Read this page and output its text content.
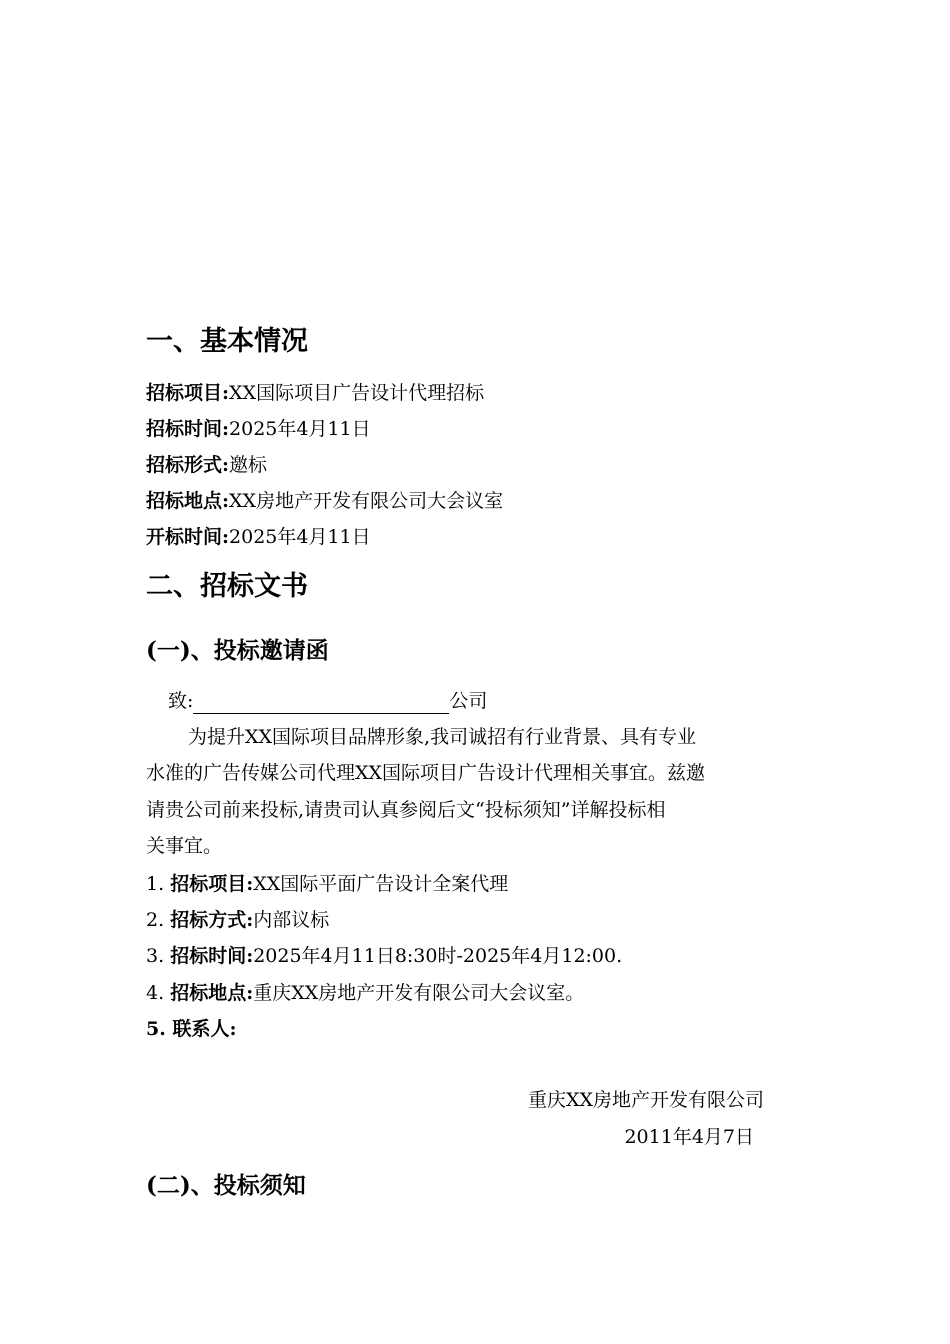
一、基本情况
招标项目:XX国际项目广告设计代理招标
招标时间:2025年4月11日
招标形式:邀标
招标地点:XX房地产开发有限公司大会议室
开标时间:2025年4月11日
二、招标文书
(一)、投标邀请函
致:	公司
为提升XX国际项目品牌形象,我司诚招有行业背景、具有专业
水准的广告传媒公司代理XX国际项目广告设计代理相关事宜。兹邀
请贵公司前来投标,请贵司认真参阅后文“投标须知”详解投标相
关事宜。
1. 招标项目:XX国际平面广告设计全案代理
2. 招标方式:内部议标
3. 招标时间:2025年4月11日8:30时-2025年4月12:00.
4. 招标地点:重庆XX房地产开发有限公司大会议室。
5. 联系人:
重庆XX房地产开发有限公司
2011年4月7日
(二)、投标须知
